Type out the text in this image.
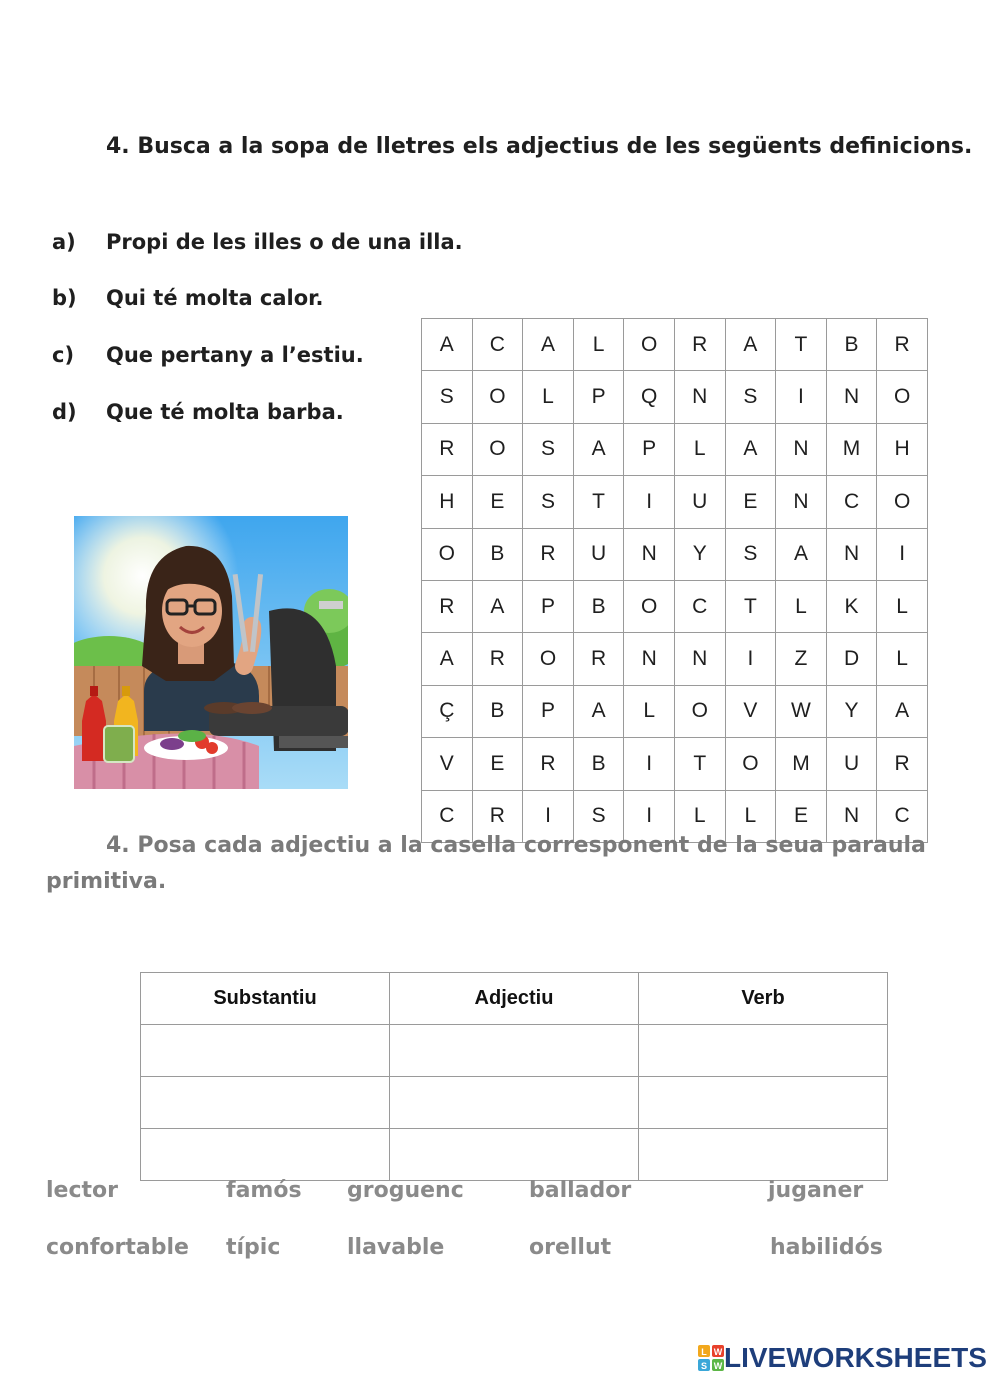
4. Busca a la sopa de lletres els adjectius de les següents definicions.
a) Propi de les illes o de una illa.
b) Qui té molta calor.
c) Que pertany a l’estiu.
d) Que té molta barba.
A	C	A	L	O	R	A	T	B	R
S	O	L	P	Q	N	S	I	N	O
R	O	S	A	P	L	A	N	M	H
H	E	S	T	I	U	E	N	C	O
O	B	R	U	N	Y	S	A	N	I
R	A	P	B	O	C	T	L	K	L
A	R	O	R	N	N	I	Z	D	L
Ç	B	P	A	L	O	V	W	Y	A
V	E	R	B	I	T	O	M	U	R
C	R	I	S	I	L	L	E	N	C
4. Posa cada adjectiu a la casella corresponent de la seua paraula primitiva.
Substantiu	Adjectiu	Verb

lector	famós groguenc	ballador	juganer
confortable típic	llavable	orellut	habilidós
L W
S W LIVEWORKSHEETS
